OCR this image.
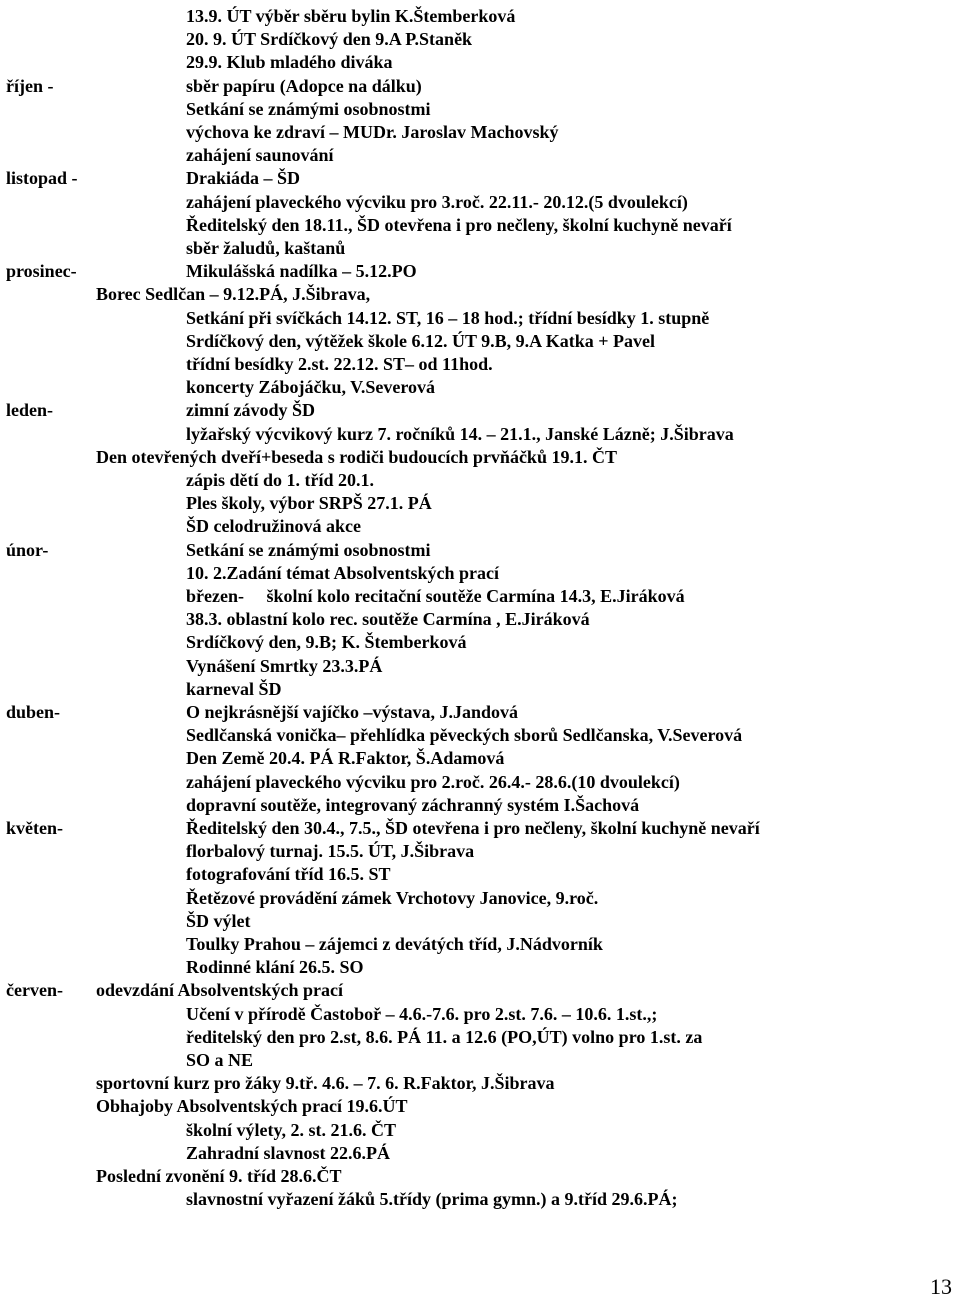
13.9. ÚT výběr sběru bylin K.Štemberková
20. 9. ÚT Srdíčkový den 9.A P.Staněk
29.9. Klub mladého diváka
říjen -	sběr papíru (Adopce na dálku)
Setkání se známými osobnostmi
výchova ke zdraví – MUDr. Jaroslav Machovský
zahájení saunování
listopad -	Drakiáda – ŠD
zahájení plaveckého výcviku pro 3.roč. 22.11.- 20.12.(5 dvoulekcí)
Ředitelský den 18.11., ŠD otevřena i pro nečleny, školní kuchyně nevaří
sběr žaludů, kaštanů
prosinec-	Mikulášská nadílka – 5.12.PO
Borec Sedlčan – 9.12.PÁ, J.Šibrava,
Setkání při svíčkách 14.12. ST, 16 – 18 hod.; třídní besídky 1. stupně
Srdíčkový den, výtěžek škole 6.12. ÚT 9.B, 9.A Katka + Pavel
třídní besídky 2.st. 22.12. ST– od 11hod.
koncerty Zábojáčku, V.Severová
leden-	zimní závody ŠD
lyžařský výcvikový kurz 7. ročníků 14. – 21.1., Janské Lázně; J.Šibrava
Den otevřených dveří+beseda s rodiči budoucích prvňáčků 19.1. ČT
zápis dětí do 1. tříd 20.1.
Ples školy, výbor SRPŠ 27.1. PÁ
ŠD celodružinová akce
únor-	Setkání se známými osobnostmi
10. 2.Zadání témat Absolventských prací
březen-     školní kolo recitační soutěže Carmína 14.3, E.Jiráková
38.3. oblastní kolo rec. soutěže Carmína , E.Jiráková
Srdíčkový den, 9.B; K. Štemberková
Vynášení Smrtky 23.3.PÁ
karneval ŠD
duben-	O nejkrásnější vajíčko –výstava, J.Jandová
Sedlčanská vonička– přehlídka pěveckých sborů Sedlčanska, V.Severová
Den Země 20.4. PÁ R.Faktor, Š.Adamová
zahájení plaveckého výcviku pro 2.roč. 26.4.- 28.6.(10 dvoulekcí)
dopravní soutěže, integrovaný záchranný systém I.Šachová
květen-	Ředitelský den 30.4., 7.5., ŠD otevřena i pro nečleny, školní kuchyně nevaří
florbalový turnaj. 15.5. ÚT, J.Šibrava
fotografování tříd 16.5. ST
Řetězové provádění zámek Vrchotovy Janovice, 9.roč.
ŠD výlet
Toulky Prahou – zájemci z devátých tříd, J.Nádvorník
Rodinné klání 26.5. SO
červen- odevzdání Absolventských prací
Učení v přírodě Častoboř – 4.6.-7.6. pro 2.st. 7.6. – 10.6. 1.st.,;
ředitelský den pro 2.st, 8.6. PÁ 11. a 12.6 (PO,ÚT) volno pro 1.st. za
SO a NE
sportovní kurz pro žáky 9.tř. 4.6. – 7. 6. R.Faktor, J.Šibrava
Obhajoby Absolventských prací 19.6.ÚT
školní výlety, 2. st. 21.6. ČT
Zahradní slavnost 22.6.PÁ
Poslední zvonění 9. tříd 28.6.ČT
slavnostní vyřazení žáků 5.třídy (prima gymn.) a 9.tříd 29.6.PÁ;
13
